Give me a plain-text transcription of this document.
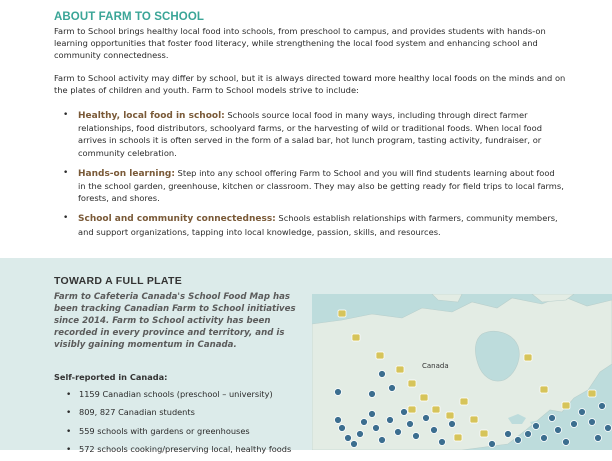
ABOUT FARM TO SCHOOL
Farm to School brings healthy local food into schools, from preschool to campus, and provides students with hands-on learning opportunities that foster food literacy, while strengthening the local food system and enhancing school and community connectedness.
Farm to School activity may differ by school, but it is always directed toward more healthy local foods on the minds and on the plates of children and youth. Farm to School models strive to include:
• Healthy, local food in school: Schools source local food in many ways, including through direct farmer relationships, food distributors, schoolyard farms, or the harvesting of wild or traditional foods. When local food arrives in schools it is often served in the form of a salad bar, hot lunch program, tasting activity, fundraiser, or community celebration.
• Hands-on learning: Step into any school offering Farm to School and you will find students learning about food in the school garden, greenhouse, kitchen or classroom. They may also be getting ready for field trips to local farms, forests, and shores.
• School and community connectedness: Schools establish relationships with farmers, community members, and support organizations, tapping into local knowledge, passion, skills, and resources.
TOWARD A FULL PLATE
Farm to Cafeteria Canada's School Food Map has been tracking Canadian Farm to School initiatives since 2014. Farm to School activity has been recorded in every province and territory, and is visibly gaining momentum in Canada.
Self-reported in Canada:
• 1159 Canadian schools (preschool – university)
• 809, 827 Canadian students
• 559 schools with gardens or greenhouses
• 572 schools cooking/preserving local, healthy foods
Canada
